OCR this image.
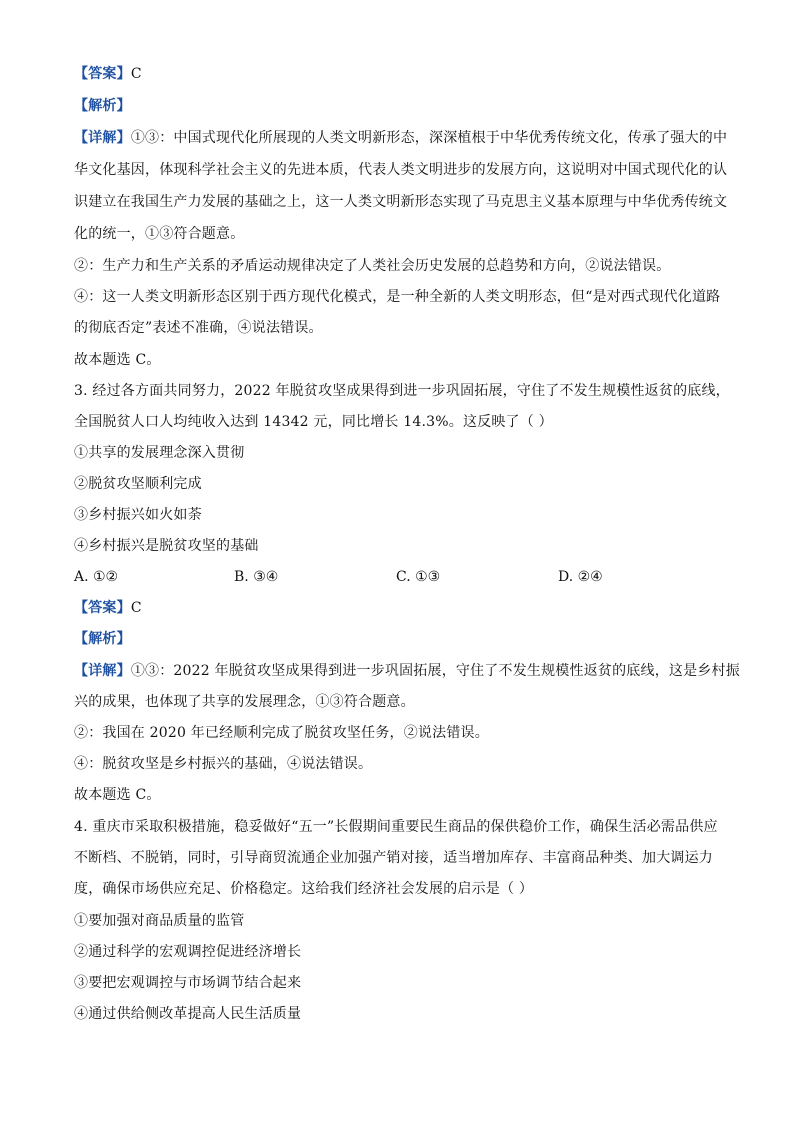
【答案】C
【解析】
【详解】①③：中国式现代化所展现的人类文明新形态，深深植根于中华优秀传统文化，传承了强大的中
华文化基因，体现科学社会主义的先进本质，代表人类文明进步的发展方向，这说明对中国式现代化的认
识建立在我国生产力发展的基础之上，这一人类文明新形态实现了马克思主义基本原理与中华优秀传统文
化的统一，①③符合题意。
②：生产力和生产关系的矛盾运动规律决定了人类社会历史发展的总趋势和方向，②说法错误。
④：这一人类文明新形态区别于西方现代化模式，是一种全新的人类文明形态，但“是对西式现代化道路
的彻底否定”表述不准确，④说法错误。
故本题选 C。
3. 经过各方面共同努力，2022 年脱贫攻坚成果得到进一步巩固拓展，守住了不发生规模性返贫的底线，
全国脱贫人口人均纯收入达到 14342 元，同比增长 14.3%。这反映了（ ）
①共享的发展理念深入贯彻
②脱贫攻坚顺利完成
③乡村振兴如火如荼
④乡村振兴是脱贫攻坚的基础
A. ①②	B. ③④	C. ①③	D. ②④
【答案】C
【解析】
【详解】①③：2022 年脱贫攻坚成果得到进一步巩固拓展，守住了不发生规模性返贫的底线，这是乡村振
兴的成果，也体现了共享的发展理念，①③符合题意。
②：我国在 2020 年已经顺利完成了脱贫攻坚任务，②说法错误。
④：脱贫攻坚是乡村振兴的基础，④说法错误。
故本题选 C。
4. 重庆市采取积极措施，稳妥做好“五一”长假期间重要民生商品的保供稳价工作，确保生活必需品供应
不断档、不脱销，同时，引导商贸流通企业加强产销对接，适当增加库存、丰富商品种类、加大调运力
度，确保市场供应充足、价格稳定。这给我们经济社会发展的启示是（ ）
①要加强对商品质量的监管
②通过科学的宏观调控促进经济增长
③要把宏观调控与市场调节结合起来
④通过供给侧改革提高人民生活质量
